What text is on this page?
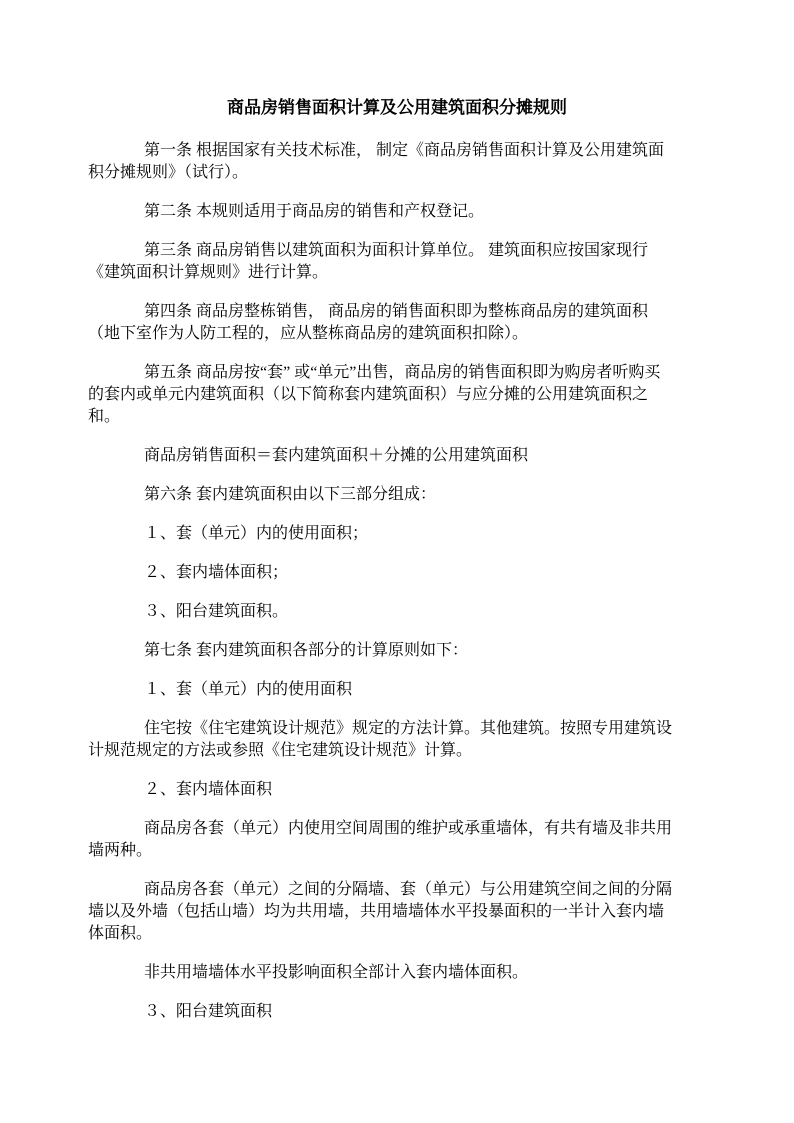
商品房销售面积计算及公用建筑面积分摊规则

第一条 根据国家有关技术标准， 制定《商品房销售面积计算及公用建筑面积分摊规则》（试行）。

第二条 本规则适用于商品房的销售和产权登记。

第三条 商品房销售以建筑面积为面积计算单位。 建筑面积应按国家现行《建筑面积计算规则》进行计算。

第四条 商品房整栋销售， 商品房的销售面积即为整栋商品房的建筑面积（地下室作为人防工程的，应从整栋商品房的建筑面积扣除）。

第五条 商品房按“套” 或“单元”出售，商品房的销售面积即为购房者听购买的套内或单元内建筑面积（以下简称套内建筑面积）与应分摊的公用建筑面积之和。

商品房销售面积＝套内建筑面积＋分摊的公用建筑面积

第六条 套内建筑面积由以下三部分组成：

１、套（单元）内的使用面积；

２、套内墙体面积；

３、阳台建筑面积。

第七条 套内建筑面积各部分的计算原则如下：

１、套（单元）内的使用面积

住宅按《住宅建筑设计规范》规定的方法计算。其他建筑。按照专用建筑设计规范规定的方法或参照《住宅建筑设计规范》计算。

２、套内墙体面积

商品房各套（单元）内使用空间周围的维护或承重墙体，有共有墙及非共用墙两种。

商品房各套（单元）之间的分隔墙、套（单元）与公用建筑空间之间的分隔墙以及外墙（包括山墙）均为共用墙，共用墙墙体水平投暴面积的一半计入套内墙体面积。

非共用墙墙体水平投影响面积全部计入套内墙体面积。

３、阳台建筑面积
